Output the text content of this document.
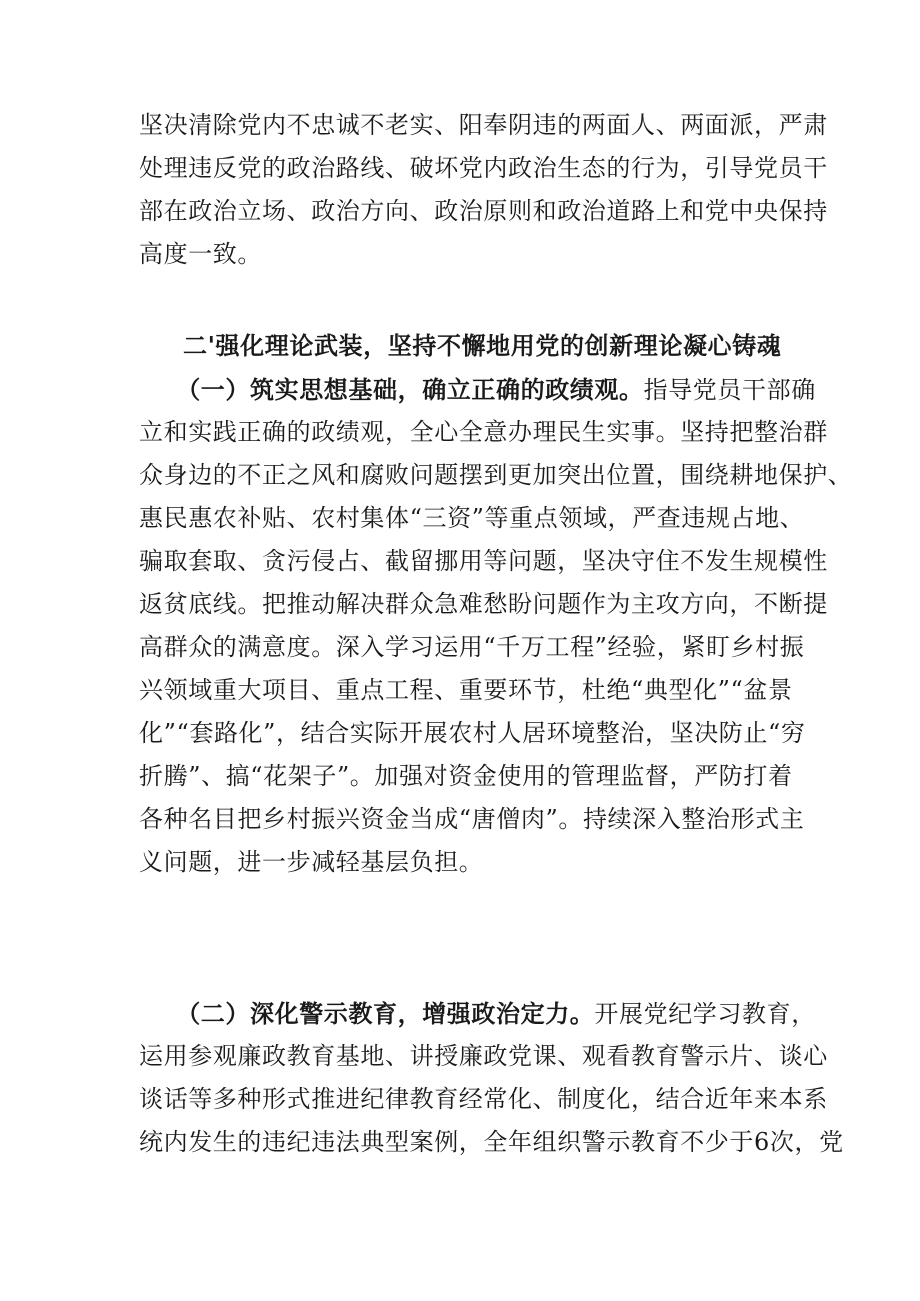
坚决清除党内不忠诚不老实、阳奉阴违的两面人、两面派，严肃
处理违反党的政治路线、破坏党内政治生态的行为，引导党员干
部在政治立场、政治方向、政治原则和政治道路上和党中央保持
高度一致。
二'强化理论武装，坚持不懈地用党的创新理论凝心铸魂
　　（一）筑实思想基础，确立正确的政绩观。指导党员干部确
立和实践正确的政绩观，全心全意办理民生实事。坚持把整治群
众身边的不正之风和腐败问题摆到更加突出位置，围绕耕地保护、
惠民惠农补贴、农村集体“三资”等重点领域，严查违规占地、
骗取套取、贪污侵占、截留挪用等问题，坚决守住不发生规模性
返贫底线。把推动解决群众急难愁盼问题作为主攻方向，不断提
高群众的满意度。深入学习运用“千万工程”经验，紧盯乡村振
兴领域重大项目、重点工程、重要环节，杜绝“典型化”“盆景
化”“套路化”，结合实际开展农村人居环境整治，坚决防止“穷
折腾”、搞“花架子”。加强对资金使用的管理监督，严防打着
各种名目把乡村振兴资金当成“唐僧肉”。持续深入整治形式主
义问题，进一步减轻基层负担。
　　（二）深化警示教育，增强政治定力。开展党纪学习教育，
运用参观廉政教育基地、讲授廉政党课、观看教育警示片、谈心
谈话等多种形式推进纪律教育经常化、制度化，结合近年来本系
统内发生的违纪违法典型案例，全年组织警示教育不少于6次，党
